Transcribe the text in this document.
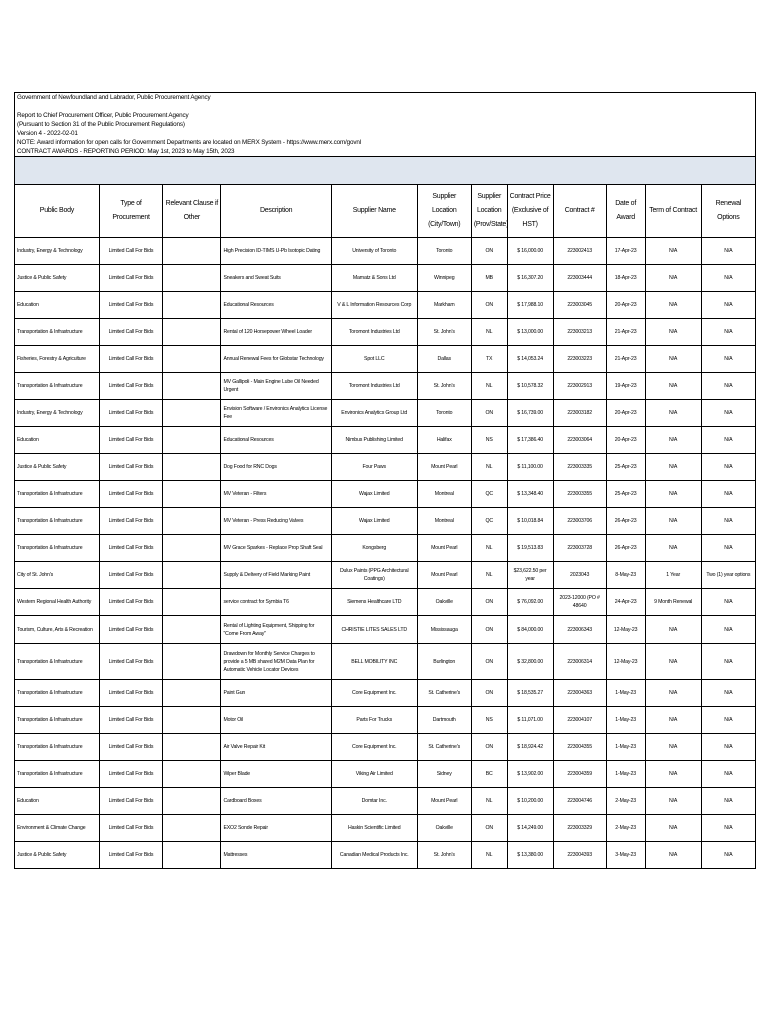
Government of Newfoundland and Labrador, Public Procurement Agency
Report to Chief Procurement Officer, Public Procurement Agency
(Pursuant to Section 31 of the Public Procurement Regulations)
Version 4 - 2022-02-01
NOTE: Award information for open calls for Government Departments are located on MERX System - https://www.merx.com/govnl
CONTRACT AWARDS - REPORTING PERIOD: May 1st, 2023 to May 15th, 2023
Public Body	Type of Procurement	Relevant Clause if Other	Description	Supplier Name	Supplier Location (City/Town)	Supplier Location (Prov/State)	Contract Price (Exclusive of HST)	Contract #	Date of Award	Term of Contract	Renewal Options
Industry, Energy & Technology	Limited Call For Bids		High Precision ID-TIMS U-Pb Isotopic Dating	University of Toronto	Toronto	ON	$ 16,000.00	223002413	17-Apr-23	N/A	N/A
Justice & Public Safety	Limited Call For Bids		Sneakers and Sweat Suits	Mamatz & Sons Ltd	Winnipeg	MB	$ 16,307.20	223003444	18-Apr-23	N/A	N/A
Education	Limited Call For Bids		Educational Resources	V & L Information Resources Corp	Markham	ON	$ 17,988.10	223003045	20-Apr-23	N/A	N/A
Transportation & Infrastructure	Limited Call For Bids		Rental of 120 Horsepower Wheel Loader	Toromont Industries Ltd	St. John's	NL	$ 13,000.00	223003213	21-Apr-23	N/A	N/A
Fisheries, Forestry & Agriculture	Limited Call For Bids		Annual Renewal Fees for Globstar Technology	Spot LLC	Dallas	TX	$ 14,053.24	223003223	21-Apr-23	N/A	N/A
Transportation & Infrastructure	Limited Call For Bids		MV Gallipoli - Main Engine Lube Oil Needed Urgent	Toromont Industries Ltd	St. John's	NL	$ 10,578.32	223002913	19-Apr-23	N/A	N/A
Industry, Energy & Technology	Limited Call For Bids		Envision Software / Environics Analytics License Fee	Environics Analytics Group Ltd	Toronto	ON	$ 16,739.00	223003182	20-Apr-23	N/A	N/A
Education	Limited Call For Bids		Educational Resources	Nimbus Publishing Limited	Halifax	NS	$ 17,386.40	223003064	20-Apr-23	N/A	N/A
Justice & Public Safety	Limited Call For Bids		Dog Food for RNC Dogs	Four Paws	Mount Pearl	NL	$ 11,100.00	223003335	25-Apr-23	N/A	N/A
Transportation & Infrastructure	Limited Call For Bids		MV Veteran - Filters	Wajax Limited	Montreal	QC	$ 13,348.40	223003355	25-Apr-23	N/A	N/A
Transportation & Infrastructure	Limited Call For Bids		MV Veteran - Press Reducing Valves	Wajax Limited	Montreal	QC	$ 10,018.84	223003706	26-Apr-23	N/A	N/A
Transportation & Infrastructure	Limited Call For Bids		MV Grace Sparkes - Replace Prop Shaft Seal	Kongsberg	Mount Pearl	NL	$ 19,513.83	223003728	26-Apr-23	N/A	N/A
City of St. John's	Limited Call For Bids		Supply & Delivery of Field Marking Paint	Dulux Paints (PPG Architectural Coatings)	Mount Pearl	NL	$23,622.50 per year	2023043	8-May-23	1 Year	Two (1) year options
Western Regional Health Authority	Limited Call For Bids		service contract for Symbia T6	Siemens Healthcare LTD	Oakville	ON	$ 76,092.00	2023-12000 (PO # 48640	24-Apr-23	9 Month Renewal	N/A
Tourism, Culture, Arts & Recreation	Limited Call For Bids		Rental of Lighting Equipment, Shipping for "Come From Away"	CHRISTIE LITES SALES LTD	Mississauga	ON	$ 84,000.00	223006343	12-May-23	N/A	N/A
Transportation & Infrastructure	Limited Call For Bids		Drawdown for Monthly Service Charges to provide a 5 MB shared M2M Data Plan for Automatic Vehicle Locator Devices	BELL MOBILITY INC	Burlington	ON	$ 32,800.00	223006314	12-May-23	N/A	N/A
Transportation & Infrastructure	Limited Call For Bids		Paint Gun	Core Equipment Inc.	St. Catherine's	ON	$ 18,535.27	223004363	1-May-23	N/A	N/A
Transportation & Infrastructure	Limited Call For Bids		Motor Oil	Parts For Trucks	Dartmouth	NS	$ 11,071.00	223004107	1-May-23	N/A	N/A
Transportation & Infrastructure	Limited Call For Bids		Air Valve Repair Kit	Core Equipment Inc.	St. Catherine's	ON	$ 18,924.42	223004355	1-May-23	N/A	N/A
Transportation & Infrastructure	Limited Call For Bids		Wiper Blade	Viking Air Limited	Sidney	BC	$ 13,902.00	223004359	1-May-23	N/A	N/A
Education	Limited Call For Bids		Cardboard Boxes	Domtar Inc.	Mount Pearl	NL	$ 10,200.00	223004746	2-May-23	N/A	N/A
Environment & Climate Change	Limited Call For Bids		EXO2 Sonde Repair	Haskin Scientific Limited	Oakville	ON	$ 14,249.00	223003329	2-May-23	N/A	N/A
Justice & Public Safety	Limited Call For Bids		Mattresses	Canadian Medical Products Inc.	St. John's	NL	$ 13,380.00	223004393	3-May-23	N/A	N/A
